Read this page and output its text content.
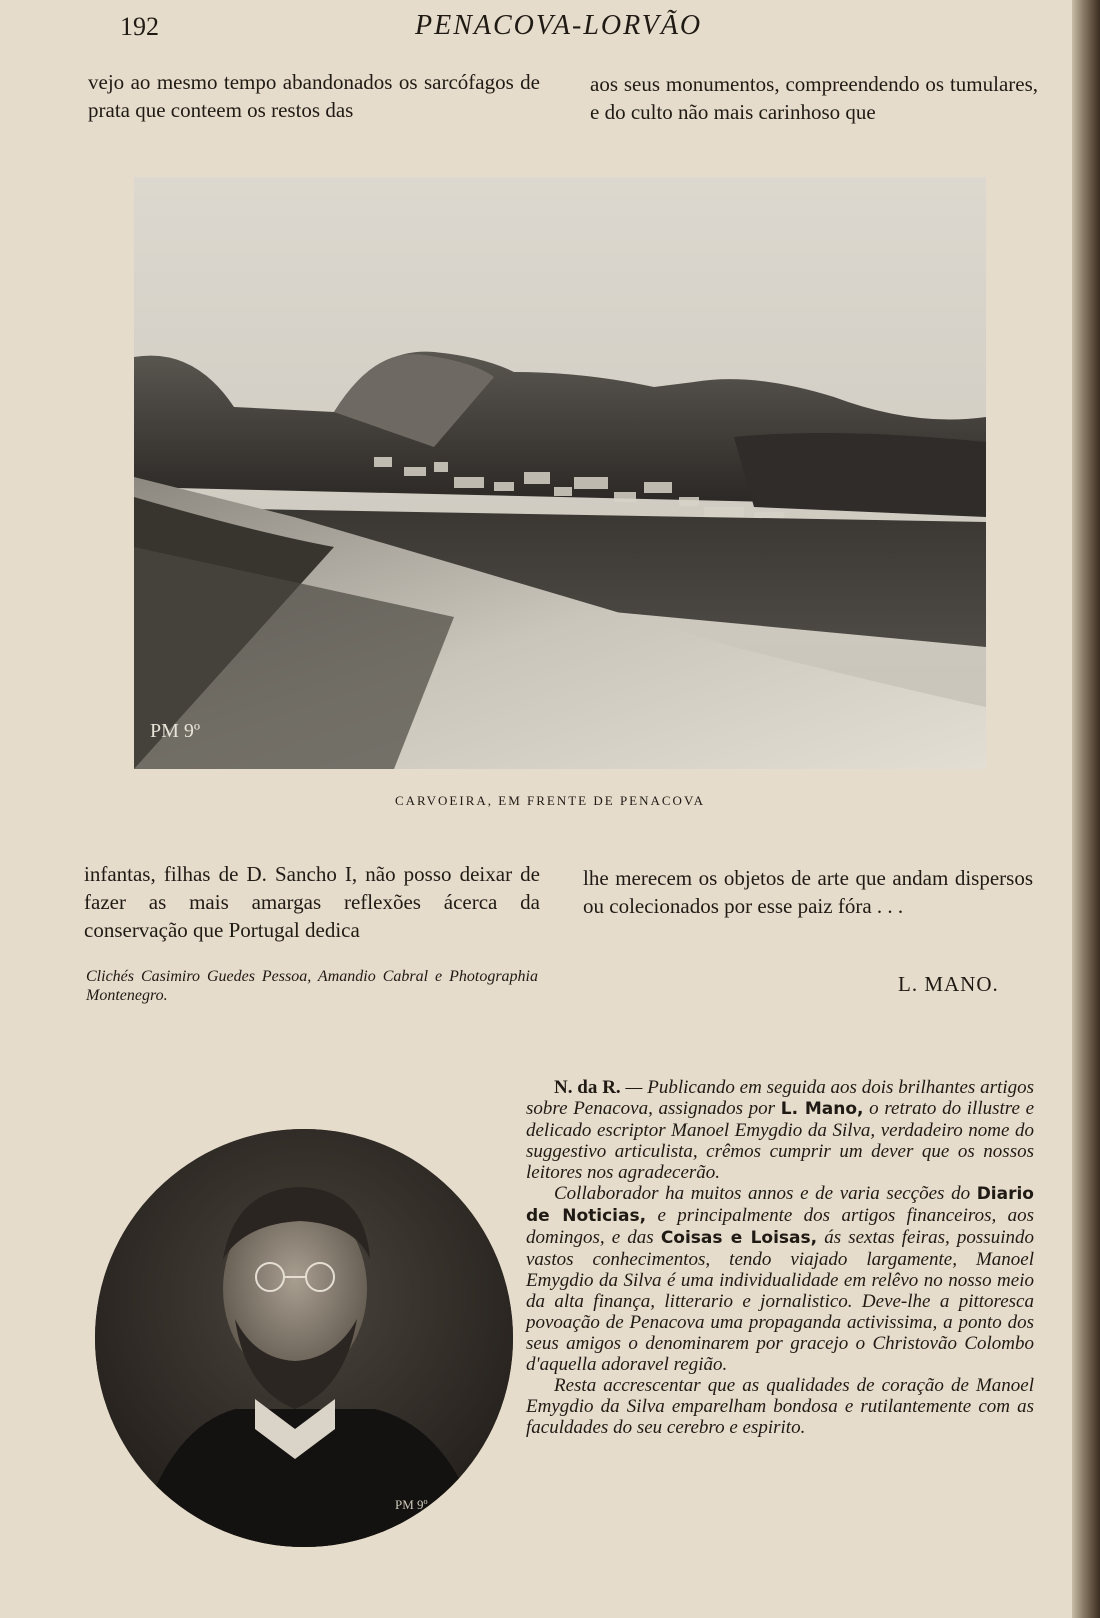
192	PENACOVA-LORVÃO

vejo ao mesmo tempo abandonados os sarcófagos de prata que conteem os restos das

aos seus monumentos, compreendendo os tumulares, e do culto não mais carinhoso que

PM 9º
CARVOEIRA, EM FRENTE DE PENACOVA

infantas, filhas de D. Sancho I, não posso deixar de fazer as mais amargas reflexões ácerca da conservação que Portugal dedica

lhe merecem os objetos de arte que andam dispersos ou colecionados por esse paiz fóra . . .

Clichés Casimiro Guedes Pessoa, Amandio Cabral e Photographia Montenegro.	L. MANO.
PM 9º

N. da R. — Publicando em seguida aos dois brilhantes artigos sobre Penacova, assignados por L. Mano, o retrato do illustre e delicado escriptor Manoel Emygdio da Silva, verdadeiro nome do suggestivo articulista, crêmos cumprir um dever que os nossos leitores nos agradecerão.

Collaborador ha muitos annos e de varia secções do Diario de Noticias, e principalmente dos artigos financeiros, aos domingos, e das Coisas e Loisas, ás sextas feiras, possuindo vastos conhecimentos, tendo viajado largamente, Manoel Emygdio da Silva é uma individualidade em relêvo no nosso meio da alta finança, litterario e jornalistico. Deve-lhe a pittoresca povoação de Penacova uma propaganda activissima, a ponto dos seus amigos o denominarem por gracejo o Christovão Colombo d'aquella adoravel região.

Resta accrescentar que as qualidades de coração de Manoel Emygdio da Silva emparelham bondosa e rutilantemente com as faculdades do seu cerebro e espirito.
